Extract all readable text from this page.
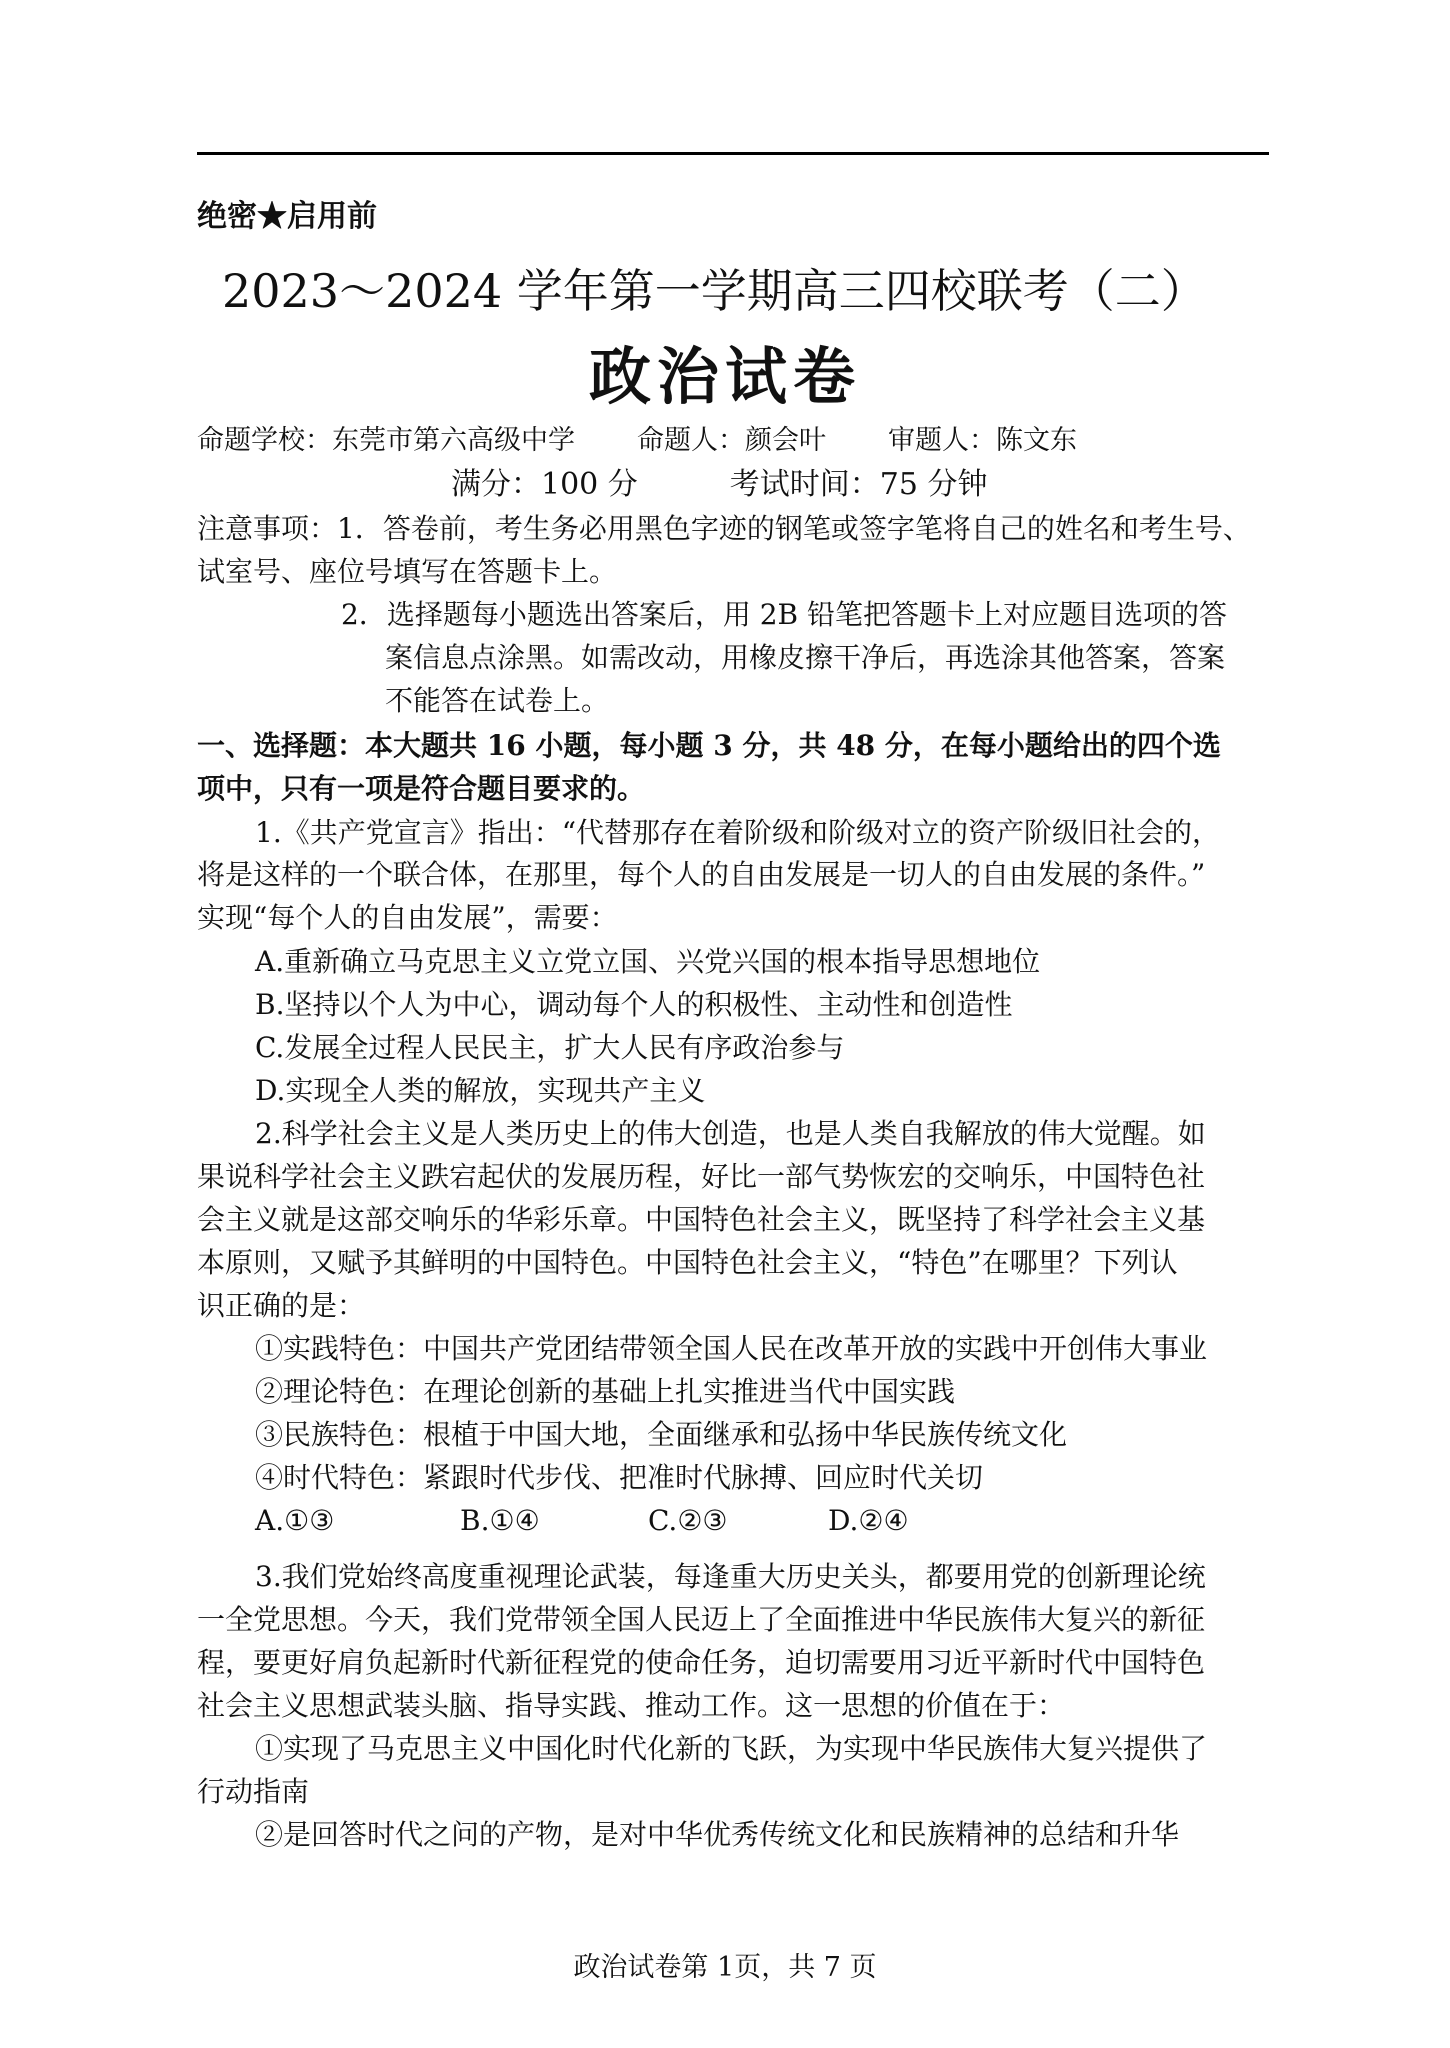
绝密★启用前
2023～2024 学年第一学期高三四校联考（二）
政治试卷
命题学校：东莞市第六高级中学 命题人：颜会叶 审题人：陈文东
满分：100 分	考试时间：75 分钟
注意事项：1．答卷前，考生务必用黑色字迹的钢笔或签字笔将自己的姓名和考生号、
试室号、座位号填写在答题卡上。
2．选择题每小题选出答案后，用 2B 铅笔把答题卡上对应题目选项的答
案信息点涂黑。如需改动，用橡皮擦干净后，再选涂其他答案，答案
不能答在试卷上。
一、选择题：本大题共 16 小题，每小题 3 分，共 48 分，在每小题给出的四个选
项中，只有一项是符合题目要求的。
1.《共产党宣言》指出：“代替那存在着阶级和阶级对立的资产阶级旧社会的，
将是这样的一个联合体，在那里，每个人的自由发展是一切人的自由发展的条件。”
实现“每个人的自由发展”，需要：
A.重新确立马克思主义立党立国、兴党兴国的根本指导思想地位
B.坚持以个人为中心，调动每个人的积极性、主动性和创造性
C.发展全过程人民民主，扩大人民有序政治参与
D.实现全人类的解放，实现共产主义
2.科学社会主义是人类历史上的伟大创造，也是人类自我解放的伟大觉醒。如
果说科学社会主义跌宕起伏的发展历程，好比一部气势恢宏的交响乐，中国特色社
会主义就是这部交响乐的华彩乐章。中国特色社会主义，既坚持了科学社会主义基
本原则，又赋予其鲜明的中国特色。中国特色社会主义，“特色”在哪里？下列认
识正确的是：
①实践特色：中国共产党团结带领全国人民在改革开放的实践中开创伟大事业
②理论特色：在理论创新的基础上扎实推进当代中国实践
③民族特色：根植于中国大地，全面继承和弘扬中华民族传统文化
④时代特色：紧跟时代步伐、把准时代脉搏、回应时代关切
A.①③	B.①④	C.②③	D.②④
3.我们党始终高度重视理论武装，每逢重大历史关头，都要用党的创新理论统
一全党思想。今天，我们党带领全国人民迈上了全面推进中华民族伟大复兴的新征
程，要更好肩负起新时代新征程党的使命任务，迫切需要用习近平新时代中国特色
社会主义思想武装头脑、指导实践、推动工作。这一思想的价值在于：
①实现了马克思主义中国化时代化新的飞跃，为实现中华民族伟大复兴提供了
行动指南
②是回答时代之问的产物，是对中华优秀传统文化和民族精神的总结和升华
政治试卷第 1页，共 7 页
